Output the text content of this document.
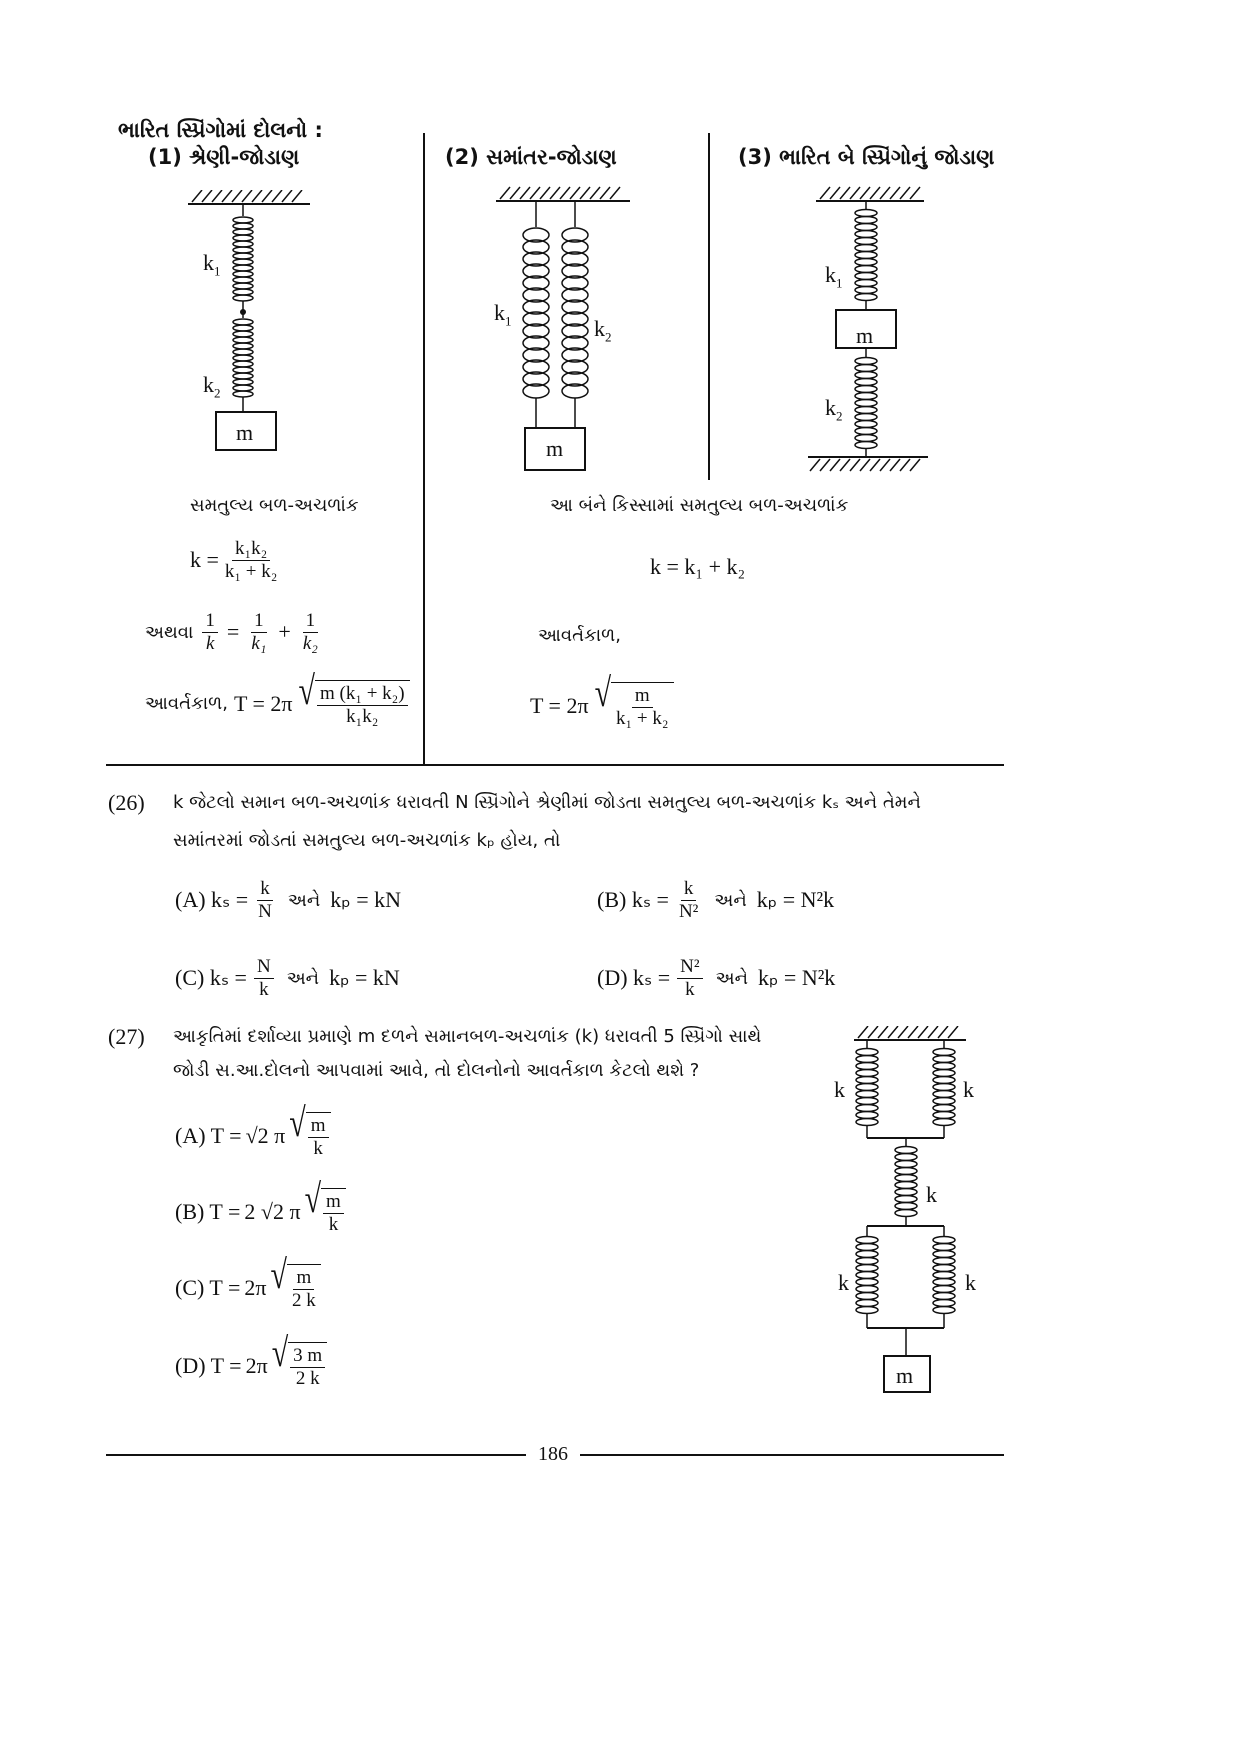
ભારિત સ્પ્રિંગોમાં દોલનો :
(1) શ્રેણી-જોડાણ	(2) સમાંતર-જોડાણ	(3) ભારિત બે સ્પ્રિંગોનું જોડાણ
$k_1$
$k_2$
m
$k_1$	$k_2$
m
$k_1$
$k_2$
m
સમતુલ્ય બળ-અચળાંક
$k = \frac{\text{k₁k₂}}{\text{k₁ + k₂}}$
અથવા $\frac{1}{k} = \frac{1}{\text{k₁}} + \frac{1}{\text{k₂}}$
આવર્તકાળ, T = 2π √ $\frac{\text{m (k₁ + k₂)}}{\text{k₁k₂}}$
આ બંને કિસ્સામાં સમતુલ્ય બળ-અચળાંક
k = k₁ + k₂
આવર્તકાળ,
T = 2π √ $\frac{m}{\text{k₁ + k₂}}$
(26) k જેટલો સમાન બળ-અચળાંક ધરાવતી N સ્પ્રિંગોને શ્રેણીમાં જોડતા સમતુલ્ય બળ-અચળાંક kₛ અને તેમને
સમાંતરમાં જોડતાં સમતુલ્ય બળ-અચળાંક kₚ હોય, તો
(A) $k_s = \frac{k}{N}$ અને kₚ = kN	(B) $k_s = \frac{k}{\text{N²}}$ અને kₚ = N²k
(C) $k_s = \frac{N}{k}$ અને kₚ = kN	(D) $k_s = \frac{\text{N²}}{k}$ અને kₚ = N²k
(27) આકૃતિમાં દર્શાવ્યા પ્રમાણે m દળને સમાનબળ-અચળાંક (k) ધરાવતી 5 સ્પ્રિંગો સાથે
જોડી સ.આ.દોલનો આપવામાં આવે, તો દોલનોનો આવર્તકાળ કેટલો થશે ?
(A) T = √2 π √ $\frac{m}{k}$
(B) T = 2 √2 π √ $\frac{m}{k}$
(C) T = 2π √ $\frac{m}{2 k}$
(D) T = 2π √ $\frac{3 m}{2 k}$
k	k
k
k	k
m
186
